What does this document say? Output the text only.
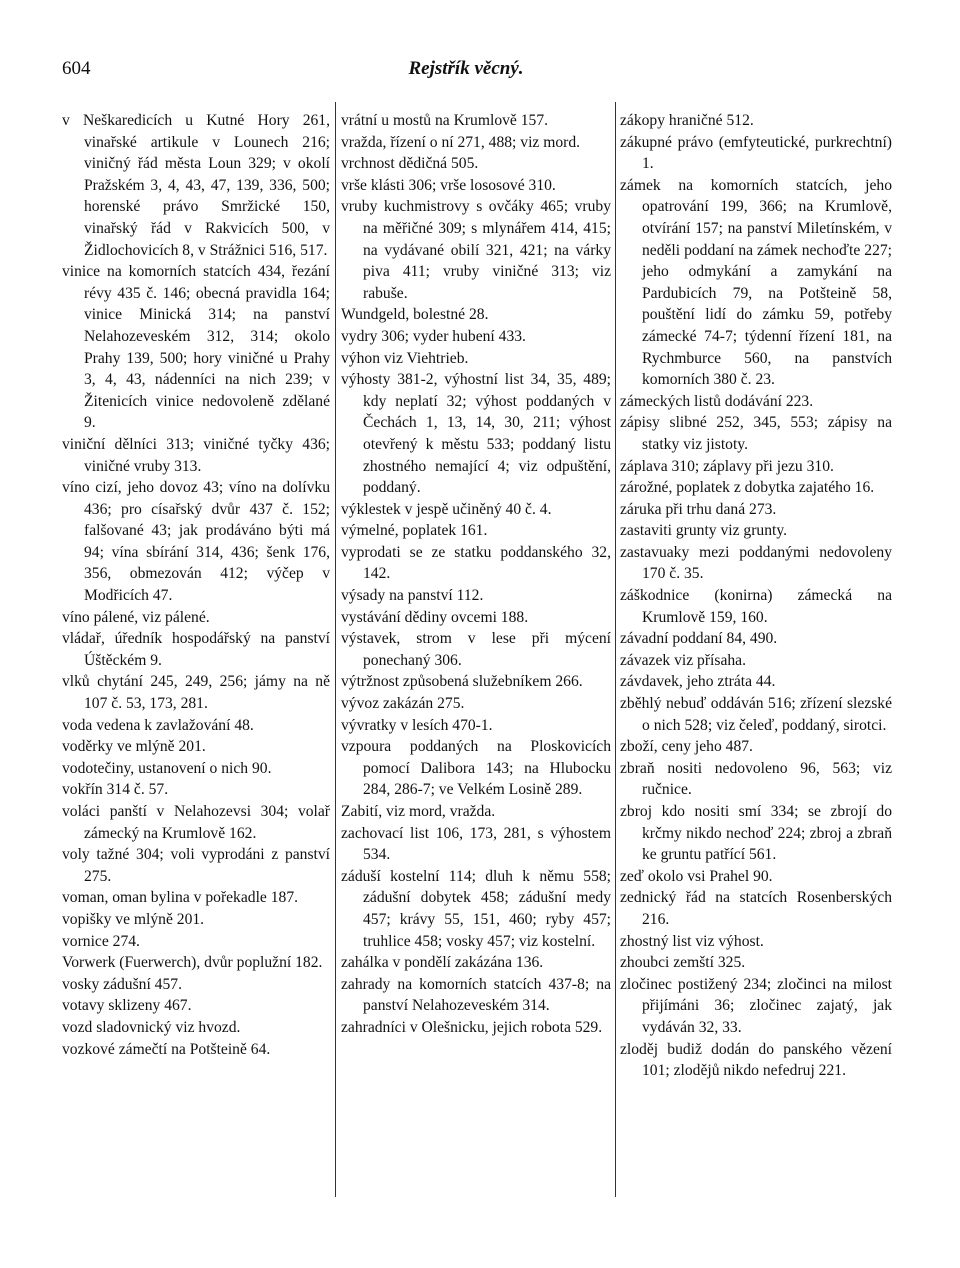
604	Rejstřík věcný.

v Neškaredicích u Kutné Hory 261, vinařské artikule v Lounech 216; viničný řád města Loun 329; v okolí Pražském 3, 4, 43, 47, 139, 336, 500; horenské právo Smržické 150, vinařský řád v Rakvicích 500, v Židlochovicích 8, v Strážnici 516, 517.

vinice na komorních statcích 434, řezání révy 435 č. 146; obecná pravidla 164; vinice Minická 314; na panství Nelahozeveském 312, 314; okolo Prahy 139, 500; hory viničné u Prahy 3, 4, 43, nádenníci na nich 239; v Žitenicích vinice nedovoleně zdělané 9.

viniční dělníci 313; viničné tyčky 436; viničné vruby 313.

víno cizí, jeho dovoz 43; víno na dolívku 436; pro císařský dvůr 437 č. 152; falšované 43; jak prodáváno býti má 94; vína sbírání 314, 436; šenk 176, 356, obmezován 412; výčep v Modřicích 47.

víno pálené, viz pálené.

vládař, úředník hospodářský na panství Úštěckém 9.

vlků chytání 245, 249, 256; jámy na ně 107 č. 53, 173, 281.

voda vedena k zavlažování 48.

voděrky ve mlýně 201.

vodotečiny, ustanovení o nich 90.

vokřín 314 č. 57.

voláci panští v Nelahozevsi 304; volař zámecký na Krumlově 162.

voly tažné 304; voli vyprodáni z panství 275.

voman, oman bylina v pořekadle 187.

vopišky ve mlýně 201.

vornice 274.

Vorwerk (Fuerwerch), dvůr poplužní 182.

vosky zádušní 457.

votavy sklizeny 467.

vozd sladovnický viz hvozd.

vozkové zámečtí na Potšteině 64.

vrátní u mostů na Krumlově 157.

vražda, řízení o ní 271, 488; viz mord.

vrchnost dědičná 505.

vrše klásti 306; vrše lososové 310.

vruby kuchmistrovy s ovčáky 465; vruby na měřičné 309; s mlynářem 414, 415; na vydávané obilí 321, 421; na várky piva 411; vruby viničné 313; viz rabuše.

Wundgeld, bolestné 28.

vydry 306; vyder hubení 433.

výhon viz Viehtrieb.

výhosty 381-2, výhostní list 34, 35, 489; kdy neplatí 32; výhost poddaných v Čechách 1, 13, 14, 30, 211; výhost otevřený k městu 533; poddaný listu zhostného nemající 4; viz odpuštění, poddaný.

výklestek v jespě učiněný 40 č. 4.

výmelné, poplatek 161.

vyprodati se ze statku poddanského 32, 142.

výsady na panství 112.

vystávání dědiny ovcemi 188.

výstavek, strom v lese při mýcení ponechaný 306.

výtržnost způsobená služebníkem 266.

vývoz zakázán 275.

vývratky v lesích 470-1.

vzpoura poddaných na Ploskovicích pomocí Dalibora 143; na Hlubocku 284, 286-7; ve Velkém Losině 289.

Zabití, viz mord, vražda.

zachovací list 106, 173, 281, s výhostem 534.

záduší kostelní 114; dluh k němu 558; zádušní dobytek 458; zádušní medy 457; krávy 55, 151, 460; ryby 457; truhlice 458; vosky 457; viz kostelní.

zahálka v pondělí zakázána 136.

zahrady na komorních statcích 437-8; na panství Nelahozeveském 314.

zahradníci v Olešnicku, jejich robota 529.

zákopy hraničné 512.

zákupné právo (emfyteutické, purkrechtní) 1.

zámek na komorních statcích, jeho opatrování 199, 366; na Krumlově, otvírání 157; na panství Miletínském, v neděli poddaní na zámek nechoďte 227; jeho odmykání a zamykání na Pardubicích 79, na Potšteině 58, pouštění lidí do zámku 59, potřeby zámecké 74-7; týdenní řízení 181, na Rychmburce 560, na panstvích komorních 380 č. 23.

zámeckých listů dodávání 223.

zápisy slibné 252, 345, 553; zápisy na statky viz jistoty.

záplava 310; záplavy při jezu 310.

zárožné, poplatek z dobytka zajatého 16.

záruka při trhu daná 273.

zastaviti grunty viz grunty.

zastavuaky mezi poddanými nedovoleny 170 č. 35.

záškodnice (konirna) zámecká na Krumlově 159, 160.

závadní poddaní 84, 490.

závazek viz přísaha.

závdavek, jeho ztráta 44.

zběhlý nebuď oddáván 516; zřízení slezské o nich 528; viz čeleď, poddaný, sirotci.

zboží, ceny jeho 487.

zbraň nositi nedovoleno 96, 563; viz ručnice.

zbroj kdo nositi smí 334; se zbrojí do krčmy nikdo nechoď 224; zbroj a zbraň ke gruntu patřící 561.

zeď okolo vsi Prahel 90.

zednický řád na statcích Rosenberských 216.

zhostný list viz výhost.

zhoubci zemští 325.

zločinec postižený 234; zločinci na milost přijímáni 36; zločinec zajatý, jak vydáván 32, 33.

zloděj budiž dodán do panského vězení 101; zlodějů nikdo nefedruj 221.
